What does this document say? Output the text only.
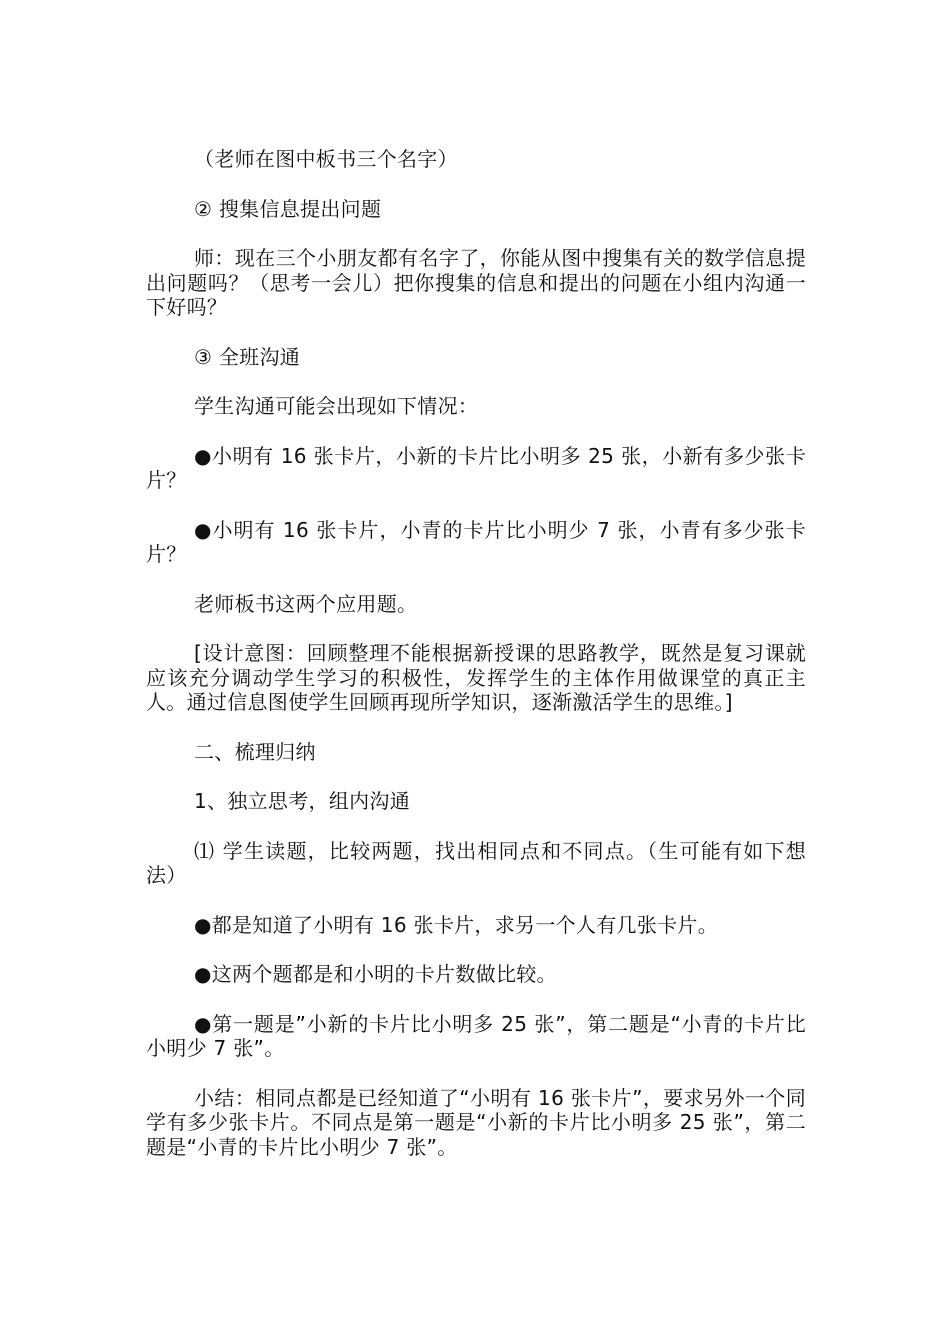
（老师在图中板书三个名字）

② 搜集信息提出问题

师：现在三个小朋友都有名字了，你能从图中搜集有关的数学信息提出问题吗？（思考一会儿）把你搜集的信息和提出的问题在小组内沟通一下好吗？

③ 全班沟通

学生沟通可能会出现如下情况：

●小明有 16 张卡片，小新的卡片比小明多 25 张，小新有多少张卡片？

●小明有 16 张卡片，小青的卡片比小明少 7 张，小青有多少张卡片？

老师板书这两个应用题。

[设计意图：回顾整理不能根据新授课的思路教学，既然是复习课就应该充分调动学生学习的积极性，发挥学生的主体作用做课堂的真正主人。通过信息图使学生回顾再现所学知识，逐渐激活学生的思维。]

二、梳理归纳

1、独立思考，组内沟通

⑴ 学生读题，比较两题，找出相同点和不同点。（生可能有如下想法）

●都是知道了小明有 16 张卡片，求另一个人有几张卡片。

●这两个题都是和小明的卡片数做比较。

●第一题是”小新的卡片比小明多 25 张”，第二题是“小青的卡片比小明少 7 张”。

小结：相同点都是已经知道了“小明有 16 张卡片”，要求另外一个同学有多少张卡片。不同点是第一题是“小新的卡片比小明多 25 张”，第二题是“小青的卡片比小明少 7 张”。
